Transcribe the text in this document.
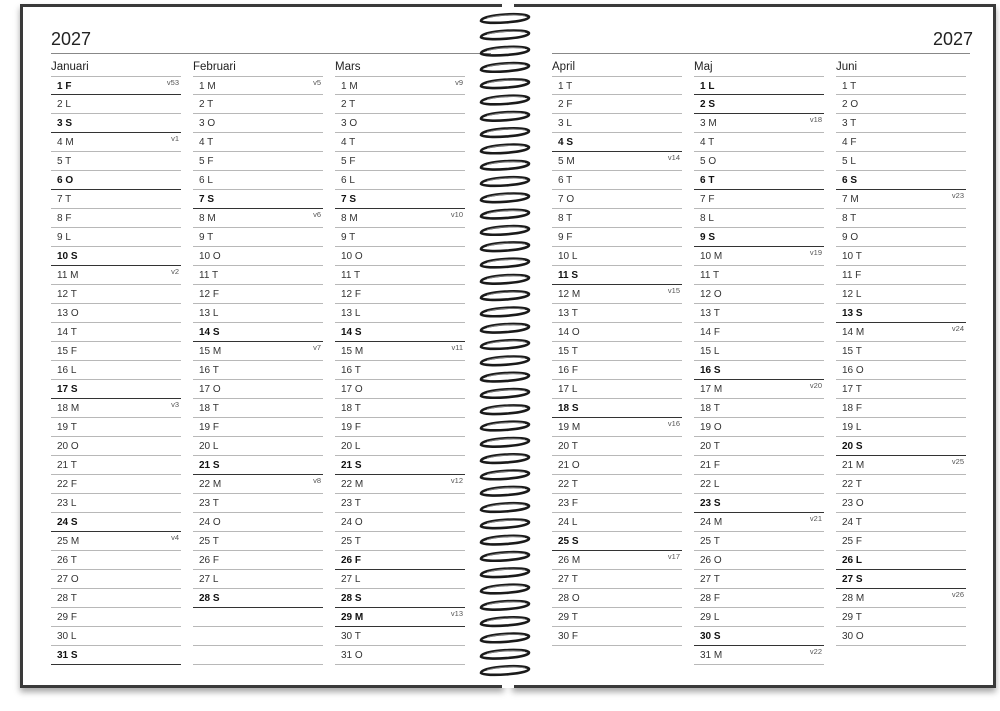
2027
Januari
1 F	v53
2 L
3 S
4 M	v1
5 T
6 O
7 T
8 F
9 L
10 S
11 M	v2
12 T
13 O
14 T
15 F
16 L
17 S
18 M	v3
19 T
20 O
21 T
22 F
23 L
24 S
25 M	v4
26 T
27 O
28 T
29 F
30 L
31 S
Februari
1 M	v5
2 T
3 O
4 T
5 F
6 L
7 S
8 M	v6
9 T
10 O
11 T
12 F
13 L
14 S
15 M	v7
16 T
17 O
18 T
19 F
20 L
21 S
22 M	v8
23 T
24 O
25 T
26 F
27 L
28 S
Mars
1 M	v9
2 T
3 O
4 T
5 F
6 L
7 S
8 M	v10
9 T
10 O
11 T
12 F
13 L
14 S
15 M	v11
16 T
17 O
18 T
19 F
20 L
21 S
22 M	v12
23 T
24 O
25 T
26 F
27 L
28 S
29 M	v13
30 T
31 O
2027
April
1 T
2 F
3 L
4 S
5 M	v14
6 T
7 O
8 T
9 F
10 L
11 S
12 M	v15
13 T
14 O
15 T
16 F
17 L
18 S
19 M	v16
20 T
21 O
22 T
23 F
24 L
25 S
26 M	v17
27 T
28 O
29 T
30 F
Maj
1 L
2 S
3 M	v18
4 T
5 O
6 T
7 F
8 L
9 S
10 M	v19
11 T
12 O
13 T
14 F
15 L
16 S
17 M	v20
18 T
19 O
20 T
21 F
22 L
23 S
24 M	v21
25 T
26 O
27 T
28 F
29 L
30 S
31 M	v22
Juni
1 T
2 O
3 T
4 F
5 L
6 S
7 M	v23
8 T
9 O
10 T
11 F
12 L
13 S
14 M	v24
15 T
16 O
17 T
18 F
19 L
20 S
21 M	v25
22 T
23 O
24 T
25 F
26 L
27 S
28 M	v26
29 T
30 O
